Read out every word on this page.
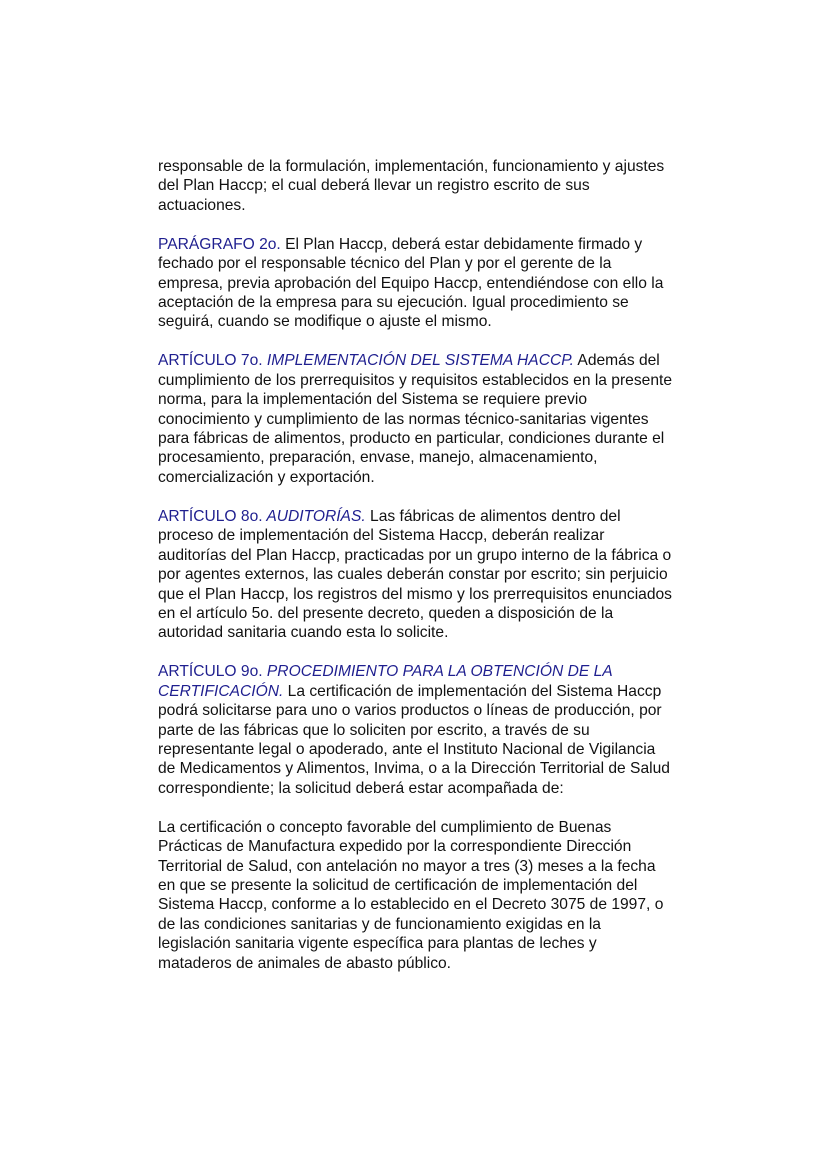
responsable de la formulación, implementación, funcionamiento y ajustes
del Plan Haccp; el cual deberá llevar un registro escrito de sus
actuaciones.

PARÁGRAFO 2o. El Plan Haccp, deberá estar debidamente firmado y
fechado por el responsable técnico del Plan y por el gerente de la
empresa, previa aprobación del Equipo Haccp, entendiéndose con ello la
aceptación de la empresa para su ejecución. Igual procedimiento se
seguirá, cuando se modifique o ajuste el mismo.

ARTÍCULO 7o. IMPLEMENTACIÓN DEL SISTEMA HACCP. Además del
cumplimiento de los prerrequisitos y requisitos establecidos en la presente
norma, para la implementación del Sistema se requiere previo
conocimiento y cumplimiento de las normas técnico-sanitarias vigentes
para fábricas de alimentos, producto en particular, condiciones durante el
procesamiento, preparación, envase, manejo, almacenamiento,
comercialización y exportación.

ARTÍCULO 8o. AUDITORÍAS. Las fábricas de alimentos dentro del
proceso de implementación del Sistema Haccp, deberán realizar
auditorías del Plan Haccp, practicadas por un grupo interno de la fábrica o
por agentes externos, las cuales deberán constar por escrito; sin perjuicio
que el Plan Haccp, los registros del mismo y los prerrequisitos enunciados
en el artículo 5o. del presente decreto, queden a disposición de la
autoridad sanitaria cuando esta lo solicite.

ARTÍCULO 9o. PROCEDIMIENTO PARA LA OBTENCIÓN DE LA
CERTIFICACIÓN. La certificación de implementación del Sistema Haccp
podrá solicitarse para uno o varios productos o líneas de producción, por
parte de las fábricas que lo soliciten por escrito, a través de su
representante legal o apoderado, ante el Instituto Nacional de Vigilancia
de Medicamentos y Alimentos, Invima, o a la Dirección Territorial de Salud
correspondiente; la solicitud deberá estar acompañada de:

La certificación o concepto favorable del cumplimiento de Buenas
Prácticas de Manufactura expedido por la correspondiente Dirección
Territorial de Salud, con antelación no mayor a tres (3) meses a la fecha
en que se presente la solicitud de certificación de implementación del
Sistema Haccp, conforme a lo establecido en el Decreto 3075 de 1997, o
de las condiciones sanitarias y de funcionamiento exigidas en la
legislación sanitaria vigente específica para plantas de leches y
mataderos de animales de abasto público.
